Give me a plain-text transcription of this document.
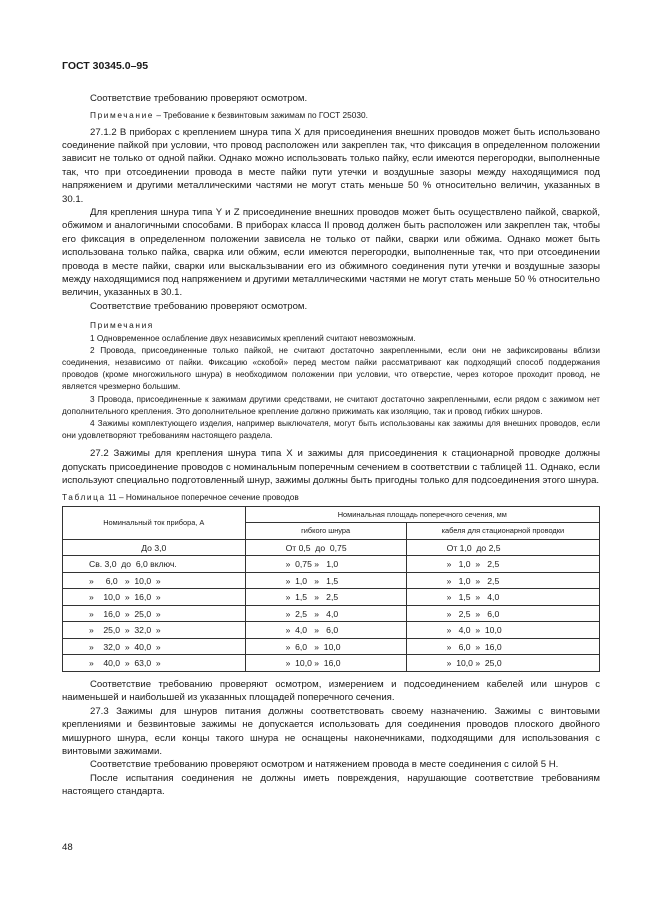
ГОСТ 30345.0–95

Соответствие требованию проверяют осмотром.

Примечание – Требование к безвинтовым зажимам по ГОСТ 25030.

27.1.2 В приборах с креплением шнура типа X для присоединения внешних проводов может быть использовано соединение пайкой при условии, что провод расположен или закреплен так, что фиксация в определенном положении зависит не только от одной пайки. Однако можно использовать только пайку, если имеются перегородки, выполненные так, что при отсоединении провода в месте пайки пути утечки и воздушные зазоры между находящимися под напряжением и другими металлическими частями не могут стать меньше 50 % относительно величин, указанных в 30.1.

Для крепления шнура типа Y и Z присоединение внешних проводов может быть осуществлено пайкой, сваркой, обжимом и аналогичными способами. В приборах класса II провод должен быть расположен или закреплен так, чтобы его фиксация в определенном положении зависела не только от пайки, сварки или обжима. Однако может быть использована только пайка, сварка или обжим, если имеются перегородки, выполненные так, что при отсоединении провода в месте пайки, сварки или выскальзывании его из обжимного соединения пути утечки и воздушные зазоры между находящимися под напряжением и другими металлическими частями не могут стать меньше 50 % относительно величин, указанных в 30.1.

Соответствие требованию проверяют осмотром.

Примечания

1 Одновременное ослабление двух независимых креплений считают невозможным.

2 Провода, присоединенные только пайкой, не считают достаточно закрепленными, если они не зафиксированы вблизи соединения, независимо от пайки. Фиксацию «скобой» перед местом пайки рассматривают как подходящий способ поддержания проводов (кроме многожильного шнура) в необходимом положении при условии, что отверстие, через которое проходит провод, не является чрезмерно большим.

3 Провода, присоединенные к зажимам другими средствами, не считают достаточно закрепленными, если рядом с зажимом нет дополнительного крепления. Это дополнительное крепление должно прижимать как изоляцию, так и провод гибких шнуров.

4 Зажимы комплектующего изделия, например выключателя, могут быть использованы как зажимы для внешних проводов, если они удовлетворяют требованиям настоящего раздела.

27.2 Зажимы для крепления шнура типа X и зажимы для присоединения к стационарной проводке должны допускать присоединение проводов с номинальным поперечным сечением в соответствии с таблицей 11. Однако, если используют специально подготовленный шнур, зажимы должны быть пригодны только для подсоединения этого шнура.

Таблица 11 – Номинальное поперечное сечение проводов

Номинальный ток прибора, А	Номинальная площадь поперечного сечения, мм	
	гибкого шнура	кабеля для стационарной проводки
До 3,0	От 0,5  до  0,75	От 1,0  до 2,5
Св. 3,0  до  6,0 включ.	»  0,75 »   1,0	»   1,0  »   2,5
»     6,0   »  10,0  »	»  1,0   »   1,5	»   1,0  »   2,5
»    10,0  »  16,0  »	»  1,5   »   2,5	»   1,5  »   4,0
»    16,0  »  25,0  »	»  2,5   »   4,0	»   2,5  »   6,0
»    25,0  »  32,0  »	»  4,0   »   6,0	»   4,0  »  10,0
»    32,0  »  40,0  »	»  6,0   »  10,0	»   6,0  »  16,0
»    40,0  »  63,0  »	»  10,0 »  16,0	»  10,0 »  25,0

Соответствие требованию проверяют осмотром, измерением и подсоединением кабелей или шнуров с наименьшей и наибольшей из указанных площадей поперечного сечения.

27.3 Зажимы для шнуров питания должны соответствовать своему назначению. Зажимы с винтовыми креплениями и безвинтовые зажимы не допускается использовать для соединения проводов плоского двойного мишурного шнура, если концы такого шнура не оснащены наконечниками, подходящими для использования с винтовыми зажимами.

Соответствие требованию проверяют осмотром и натяжением провода в месте соединения с силой 5 Н.

После испытания соединения не должны иметь повреждения, нарушающие соответствие требованиям настоящего стандарта.

48
